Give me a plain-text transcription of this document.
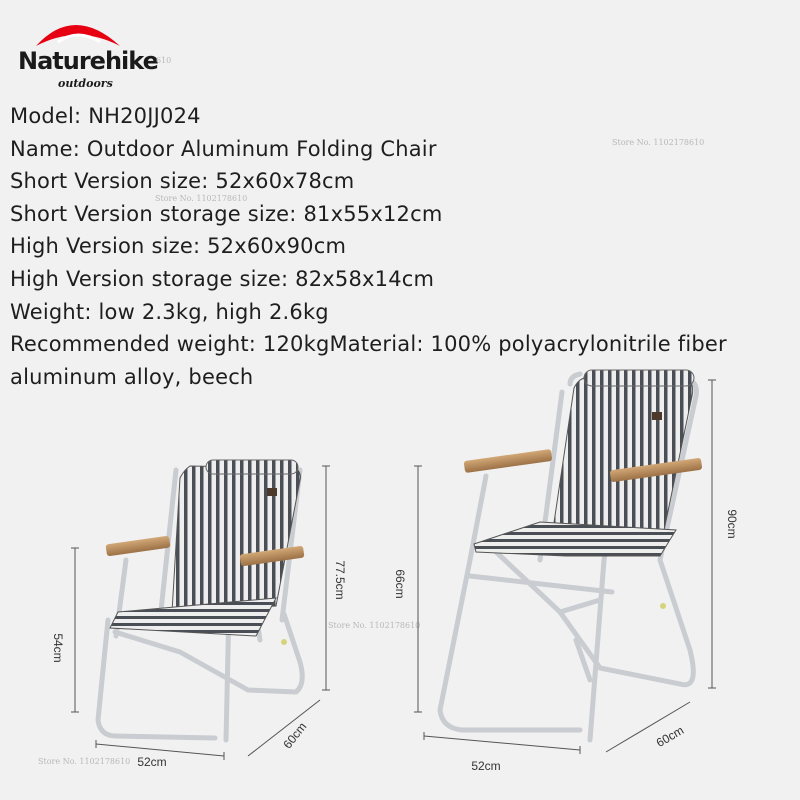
Naturehike
outdoors
Model: NH20JJ024
Name: Outdoor Aluminum Folding Chair
Short Version size: 52x60x78cm
Short Version storage size: 81x55x12cm
High Version size: 52x60x90cm
High Version storage size: 82x58x14cm
Weight: low 2.3kg, high 2.6kg
Recommended weight: 120kgMaterial: 100% polyacrylonitrile fiber
aluminum alloy, beech
610
Store No. 1102178610
Store No. 1102178610
Store No. 1102178610
Store No. 1102178610
54cm
77.5cm
52cm
60cm
66cm
90cm
52cm
60cm
